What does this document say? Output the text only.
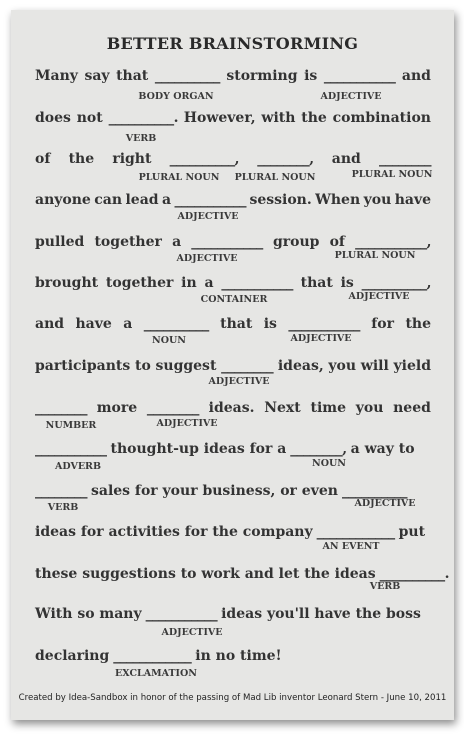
BETTER BRAINSTORMING
Many say that __________ storming is ___________ and
BODY ORGAN	ADJECTIVE
does not __________. However, with the combination
VERB
of the right __________, ________, and ________
PLURAL NOUN PLURAL NOUN	PLURAL NOUN
anyone can lead a ___________ session. When you have
ADJECTIVE
pulled together a ___________ group of ___________,
ADJECTIVE	PLURAL NOUN
brought together in a ___________ that is __________,
CONTAINER	ADJECTIVE
and have a __________ that is ___________ for the
NOUN	ADJECTIVE
participants to suggest ________ ideas, you will yield
ADJECTIVE
________ more ________ ideas. Next time you need
NUMBER	ADJECTIVE
___________ thought-up ideas for a ________, a way to
ADVERB	NOUN
________ sales for your business, or even __________
VERB	ADJECTIVE
ideas for activities for the company ____________ put
AN EVENT
these suggestions to work and let the ideas __________.
VERB
With so many ___________ ideas you'll have the boss
ADJECTIVE
declaring ____________ in no time!
EXCLAMATION
Created by Idea-Sandbox in honor of the passing of Mad Lib inventor Leonard Stern - June 10, 2011
